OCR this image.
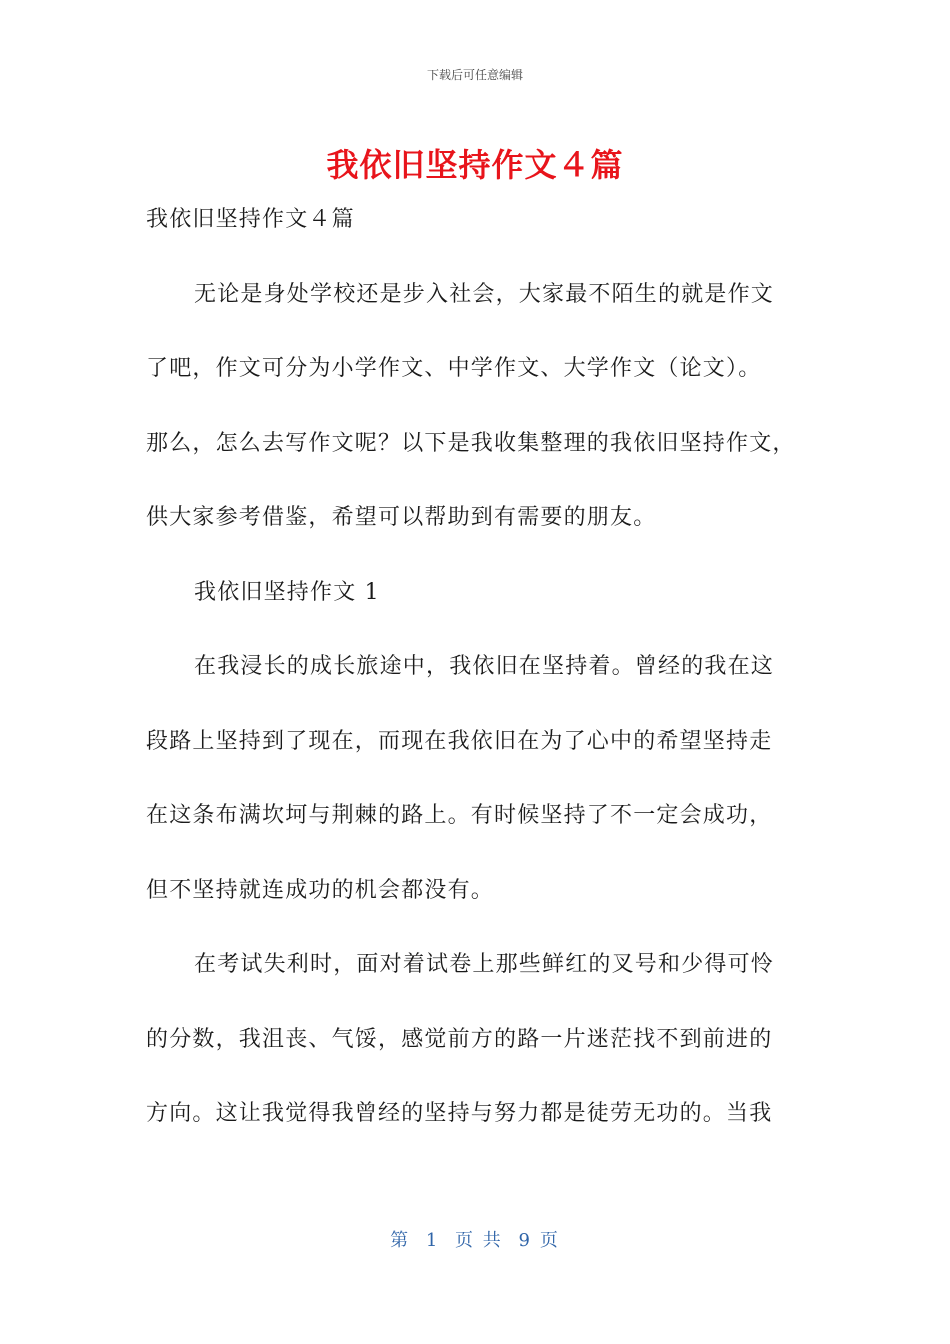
下载后可任意编辑
我依旧坚持作文４篇
我依旧坚持作文４篇
无论是身处学校还是步入社会，大家最不陌生的就是作文
了吧，作文可分为小学作文、中学作文、大学作文（论文）。
那么，怎么去写作文呢？以下是我收集整理的我依旧坚持作文，
供大家参考借鉴，希望可以帮助到有需要的朋友。
我依旧坚持作文 1
在我浸长的成长旅途中，我依旧在坚持着。曾经的我在这
段路上坚持到了现在，而现在我依旧在为了心中的希望坚持走
在这条布满坎坷与荆棘的路上。有时候坚持了不一定会成功，
但不坚持就连成功的机会都没有。
在考试失利时，面对着试卷上那些鲜红的叉号和少得可怜
的分数，我沮丧、气馁，感觉前方的路一片迷茫找不到前进的
方向。这让我觉得我曾经的坚持与努力都是徒劳无功的。当我
第 1 页 共 9 页
